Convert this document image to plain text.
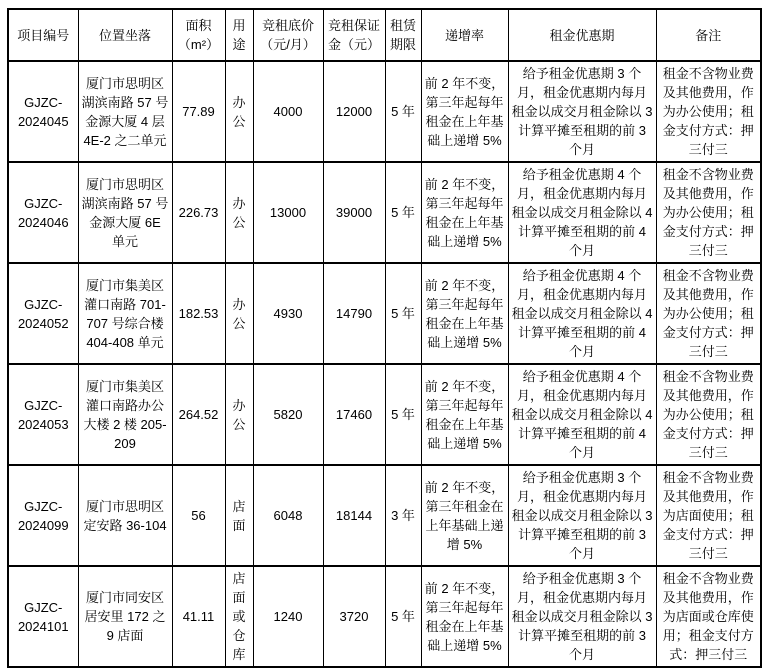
项目编号	位置坐落	面积（m²）	用途	竞租底价（元/月）	竞租保证金（元）	租赁期限	递增率	租金优惠期	备注
GJZC-2024045	厦门市思明区湖滨南路 57 号金源大厦 4 层 4E-2 之二单元	77.89	办公	4000	12000	5 年	前 2 年不变，第三年起每年租金在上年基础上递增 5%	给予租金优惠期 3 个月，租金优惠期内每月租金以成交月租金除以 3 计算平摊至租期的前 3 个月	租金不含物业费及其他费用，作为办公使用；租金支付方式：押三付三
GJZC-2024046	厦门市思明区湖滨南路 57 号金源大厦 6E 单元	226.73	办公	13000	39000	5 年	前 2 年不变，第三年起每年租金在上年基础上递增 5%	给予租金优惠期 4 个月，租金优惠期内每月租金以成交月租金除以 4 计算平摊至租期的前 4 个月	租金不含物业费及其他费用，作为办公使用；租金支付方式：押三付三
GJZC-2024052	厦门市集美区灌口南路 701-707 号综合楼 404-408 单元	182.53	办公	4930	14790	5 年	前 2 年不变，第三年起每年租金在上年基础上递增 5%	给予租金优惠期 4 个月，租金优惠期内每月租金以成交月租金除以 4 计算平摊至租期的前 4 个月	租金不含物业费及其他费用，作为办公使用；租金支付方式：押三付三
GJZC-2024053	厦门市集美区灌口南路办公大楼 2 楼 205-209	264.52	办公	5820	17460	5 年	前 2 年不变，第三年起每年租金在上年基础上递增 5%	给予租金优惠期 4 个月，租金优惠期内每月租金以成交月租金除以 4 计算平摊至租期的前 4 个月	租金不含物业费及其他费用，作为办公使用；租金支付方式：押三付三
GJZC-2024099	厦门市思明区定安路 36-104	56	店面	6048	18144	3 年	前 2 年不变，第三年租金在上年基础上递增 5%	给予租金优惠期 3 个月，租金优惠期内每月租金以成交月租金除以 3 计算平摊至租期的前 3 个月	租金不含物业费及其他费用，作为店面使用；租金支付方式：押三付三
GJZC-2024101	厦门市同安区居安里 172 之 9 店面	41.11	店面或仓库	1240	3720	5 年	前 2 年不变，第三年起每年租金在上年基础上递增 5%	给予租金优惠期 3 个月，租金优惠期内每月租金以成交月租金除以 3 计算平摊至租期的前 3 个月	租金不含物业费及其他费用，作为店面或仓库使用；租金支付方式：押三付三
